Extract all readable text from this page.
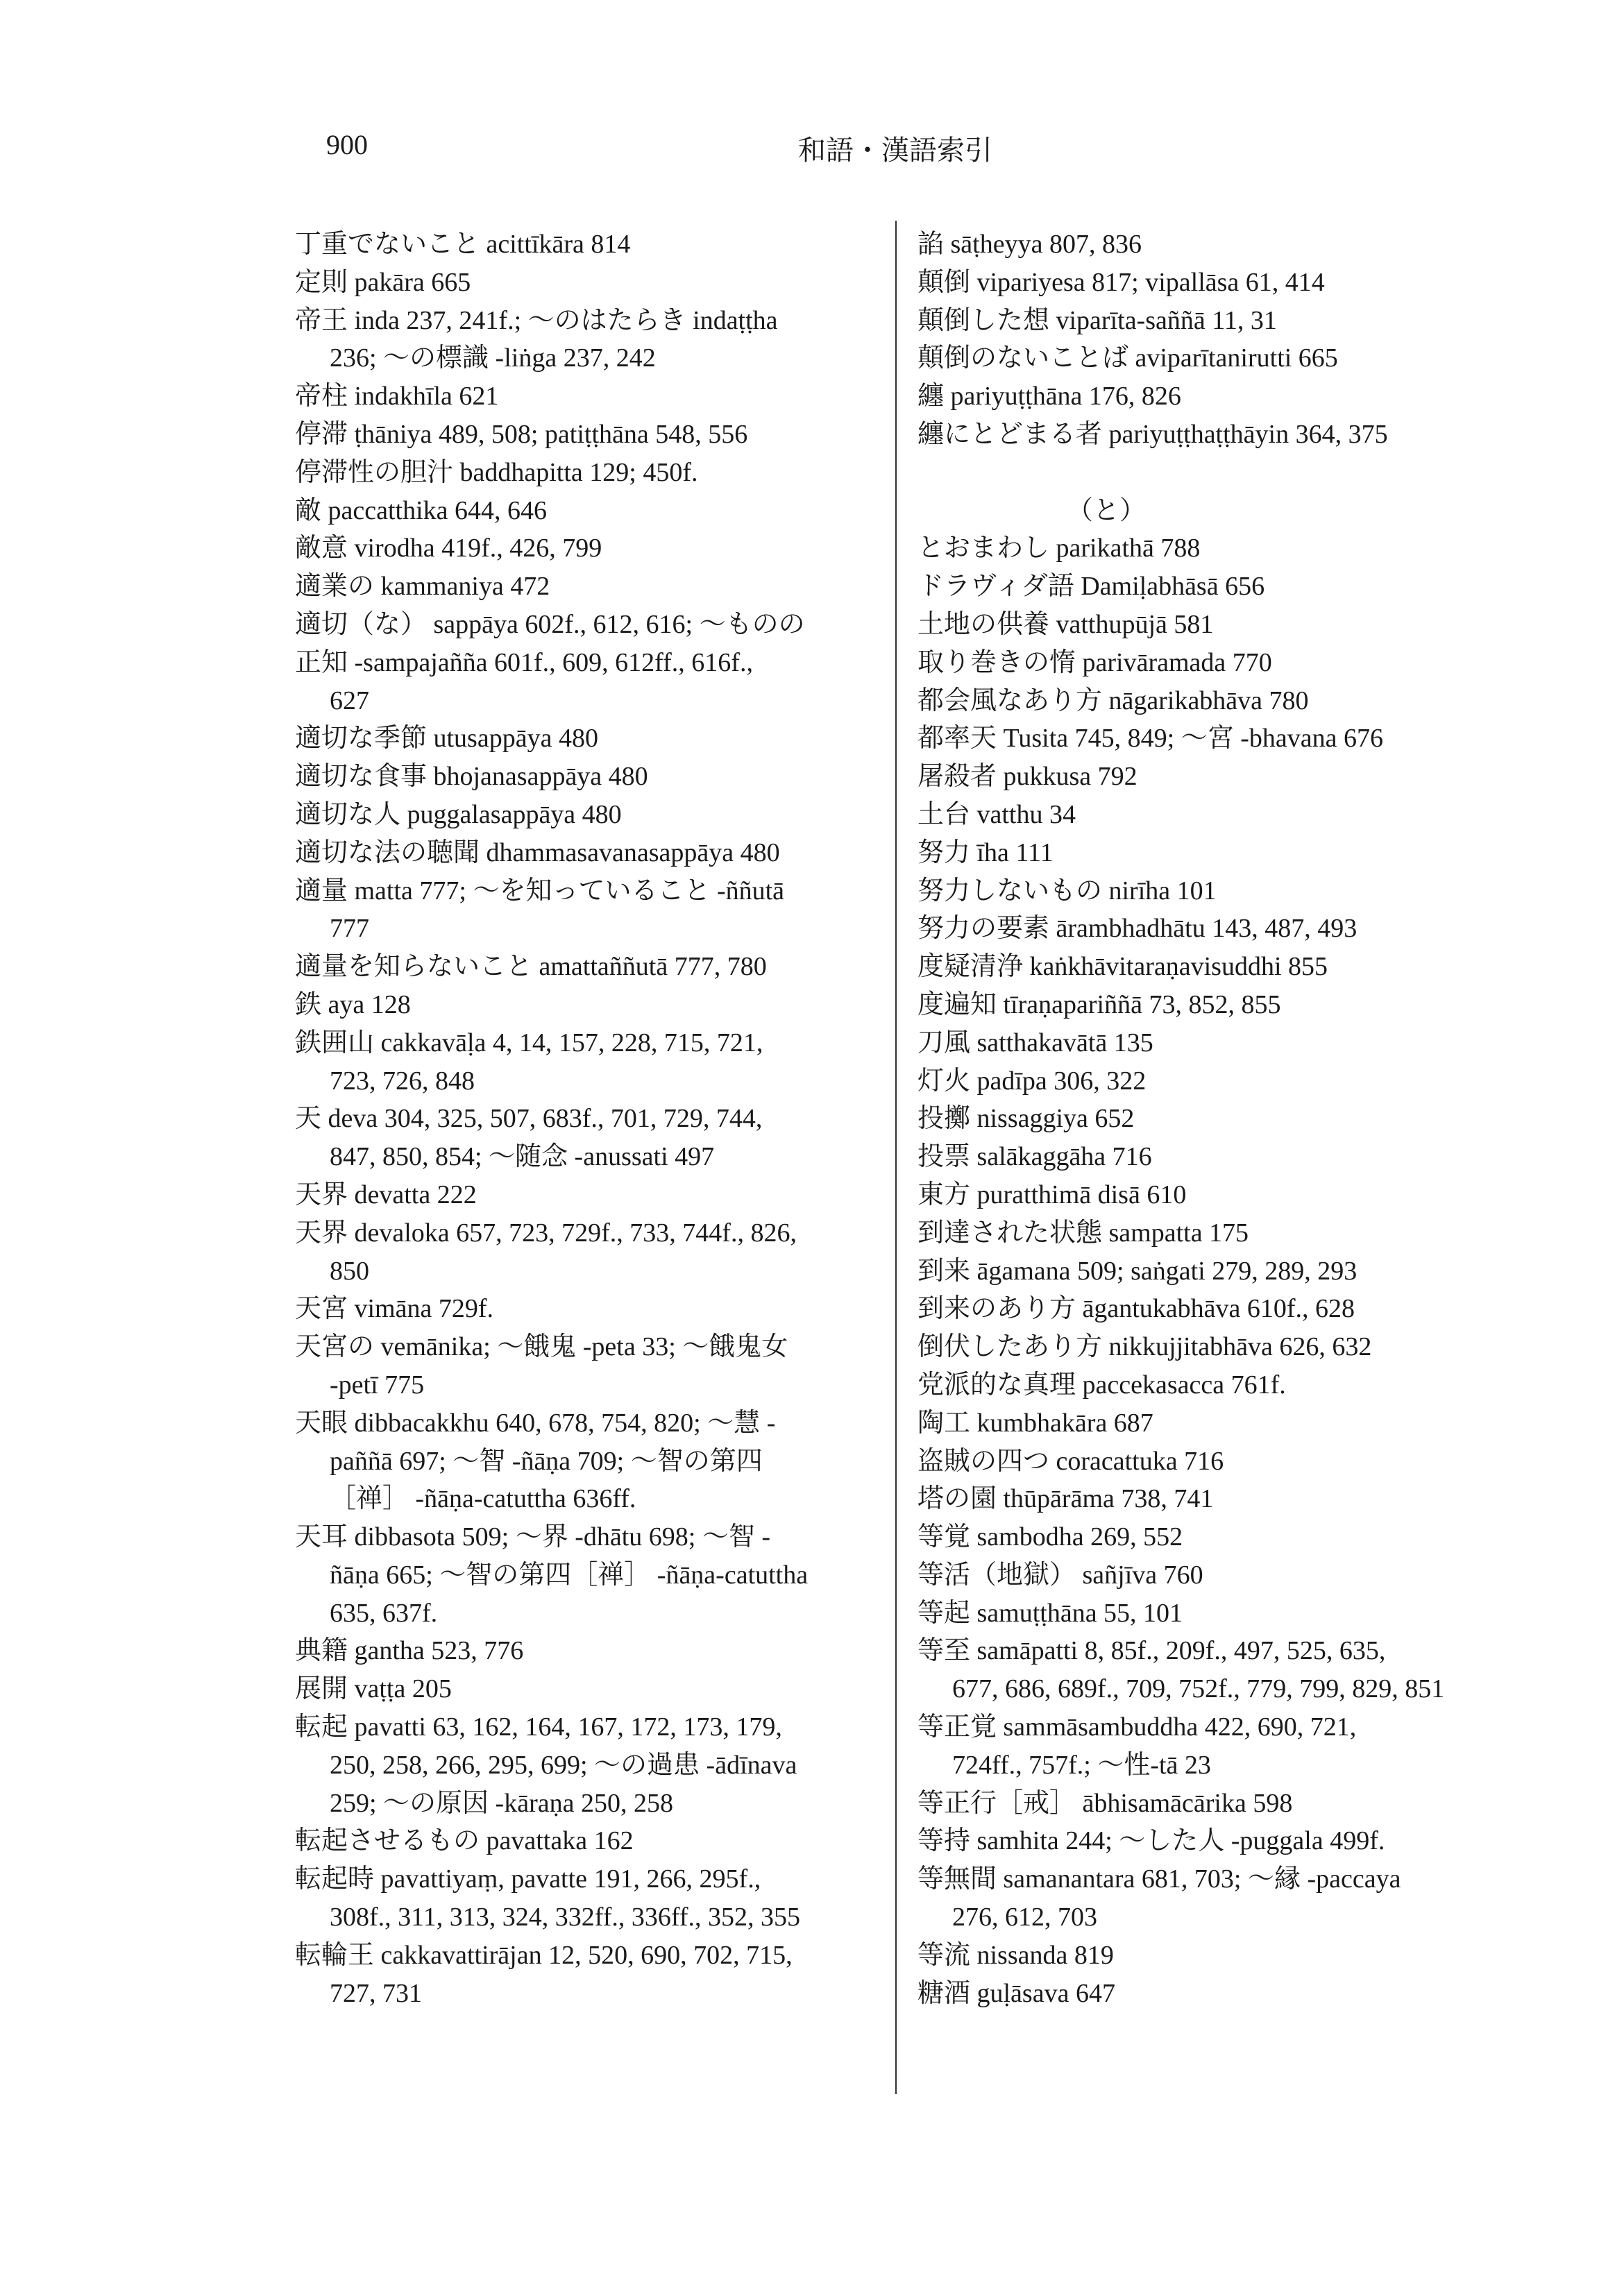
900	和語・漢語索引
丁重でないこと acittīkāra 814
定則 pakāra 665
帝王 inda 237, 241f.; ～のはたらき indaṭṭha
236; ～の標識 -liṅga 237, 242
帝柱 indakhīla 621
停滞 ṭhāniya 489, 508; patiṭṭhāna 548, 556
停滞性の胆汁 baddhapitta 129; 450f.
敵 paccatthika 644, 646
敵意 virodha 419f., 426, 799
適業の kammaniya 472
適切（な） sappāya 602f., 612, 616; ～ものの
正知 -sampajañña 601f., 609, 612ff., 616f.,
627
適切な季節 utusappāya 480
適切な食事 bhojanasappāya 480
適切な人 puggalasappāya 480
適切な法の聴聞 dhammasavanasappāya 480
適量 matta 777; ～を知っていること -ññutā
777
適量を知らないこと amattaññutā 777, 780
鉄 aya 128
鉄囲山 cakkavāḷa 4, 14, 157, 228, 715, 721,
723, 726, 848
天 deva 304, 325, 507, 683f., 701, 729, 744,
847, 850, 854; ～随念 -anussati 497
天界 devatta 222
天界 devaloka 657, 723, 729f., 733, 744f., 826,
850
天宮 vimāna 729f.
天宮の vemānika; ～餓鬼 -peta 33; ～餓鬼女
-petī 775
天眼 dibbacakkhu 640, 678, 754, 820; ～慧 -
paññā 697; ～智 -ñāṇa 709; ～智の第四
［禅］ -ñāṇa-catuttha 636ff.
天耳 dibbasota 509; ～界 -dhātu 698; ～智 -
ñāṇa 665; ～智の第四［禅］ -ñāṇa-catuttha
635, 637f.
典籍 gantha 523, 776
展開 vaṭṭa 205
転起 pavatti 63, 162, 164, 167, 172, 173, 179,
250, 258, 266, 295, 699; ～の過患 -ādīnava
259; ～の原因 -kāraṇa 250, 258
転起させるもの pavattaka 162
転起時 pavattiyaṃ, pavatte 191, 266, 295f.,
308f., 311, 313, 324, 332ff., 336ff., 352, 355
転輪王 cakkavattirājan 12, 520, 690, 702, 715,
727, 731
諂 sāṭheyya 807, 836
顛倒 vipariyesa 817; vipallāsa 61, 414
顛倒した想 viparīta-saññā 11, 31
顛倒のないことば aviparītanirutti 665
纏 pariyuṭṭhāna 176, 826
纏にとどまる者 pariyuṭṭhaṭṭhāyin 364, 375
（と）
とおまわし parikathā 788
ドラヴィダ語 Damiḷabhāsā 656
土地の供養 vatthupūjā 581
取り巻きの惰 parivāramada 770
都会風なあり方 nāgarikabhāva 780
都率天 Tusita 745, 849; ～宮 -bhavana 676
屠殺者 pukkusa 792
土台 vatthu 34
努力 īha 111
努力しないもの nirīha 101
努力の要素 ārambhadhātu 143, 487, 493
度疑清浄 kaṅkhāvitaraṇavisuddhi 855
度遍知 tīraṇapariññā 73, 852, 855
刀風 satthakavātā 135
灯火 padīpa 306, 322
投擲 nissaggiya 652
投票 salākaggāha 716
東方 puratthimā disā 610
到達された状態 sampatta 175
到来 āgamana 509; saṅgati 279, 289, 293
到来のあり方 āgantukabhāva 610f., 628
倒伏したあり方 nikkujjitabhāva 626, 632
党派的な真理 paccekasacca 761f.
陶工 kumbhakāra 687
盗賊の四つ coracattuka 716
塔の園 thūpārāma 738, 741
等覚 sambodha 269, 552
等活（地獄） sañjīva 760
等起 samuṭṭhāna 55, 101
等至 samāpatti 8, 85f., 209f., 497, 525, 635,
677, 686, 689f., 709, 752f., 779, 799, 829, 851
等正覚 sammāsambuddha 422, 690, 721,
724ff., 757f.; ～性-tā 23
等正行［戒］ ābhisamācārika 598
等持 samhita 244; ～した人 -puggala 499f.
等無間 samanantara 681, 703; ～縁 -paccaya
276, 612, 703
等流 nissanda 819
糖酒 guḷāsava 647
